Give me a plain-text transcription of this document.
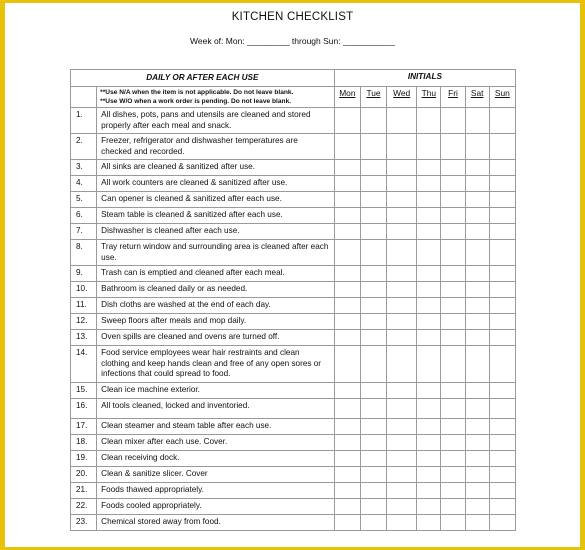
KITCHEN CHECKLIST
Week of: Mon: _________ through Sun: ___________
DAILY OR AFTER EACH USE		INITIALS						

	**Use N/A when the item is not applicable. Do not leave blank.
**Use W/O when a work order is pending. Do not leave blank.	Mon	Tue	Wed	Thu	Fri	Sat	Sun
1.	All dishes, pots, pans and utensils are cleaned and stored properly after each meal and snack.							
2.	Freezer, refrigerator and dishwasher temperatures are checked and recorded.							
3.	All sinks are cleaned & sanitized after use.							
4.	All work counters are cleaned & sanitized after use.							
5.	Can opener is cleaned & sanitized after each use.							
6.	Steam table is cleaned & sanitized after each use.							
7.	Dishwasher is cleaned after each use.							
8.	Tray return window and surrounding area is cleaned after each use.							
9.	Trash can is emptied and cleaned after each meal.							
10.	Bathroom is cleaned daily or as needed.							
11.	Dish cloths are washed at the end of each day.							
12.	Sweep floors after meals and mop daily.							
13.	Oven spills are cleaned and ovens are turned off.							
14.	Food service employees wear hair restraints and clean clothing and keep hands clean and free of any open sores or infections that could spread to food.							
15.	Clean ice machine exterior.							
16.	All tools cleaned, locked and inventoried.							
17.	Clean steamer and steam table after each use.							
18.	Clean mixer after each use. Cover.							
19.	Clean receiving dock.							
20.	Clean & sanitize slicer. Cover							
21.	Foods thawed appropriately.							
22.	Foods cooled appropriately.							
23.	Chemical stored away from food.							
